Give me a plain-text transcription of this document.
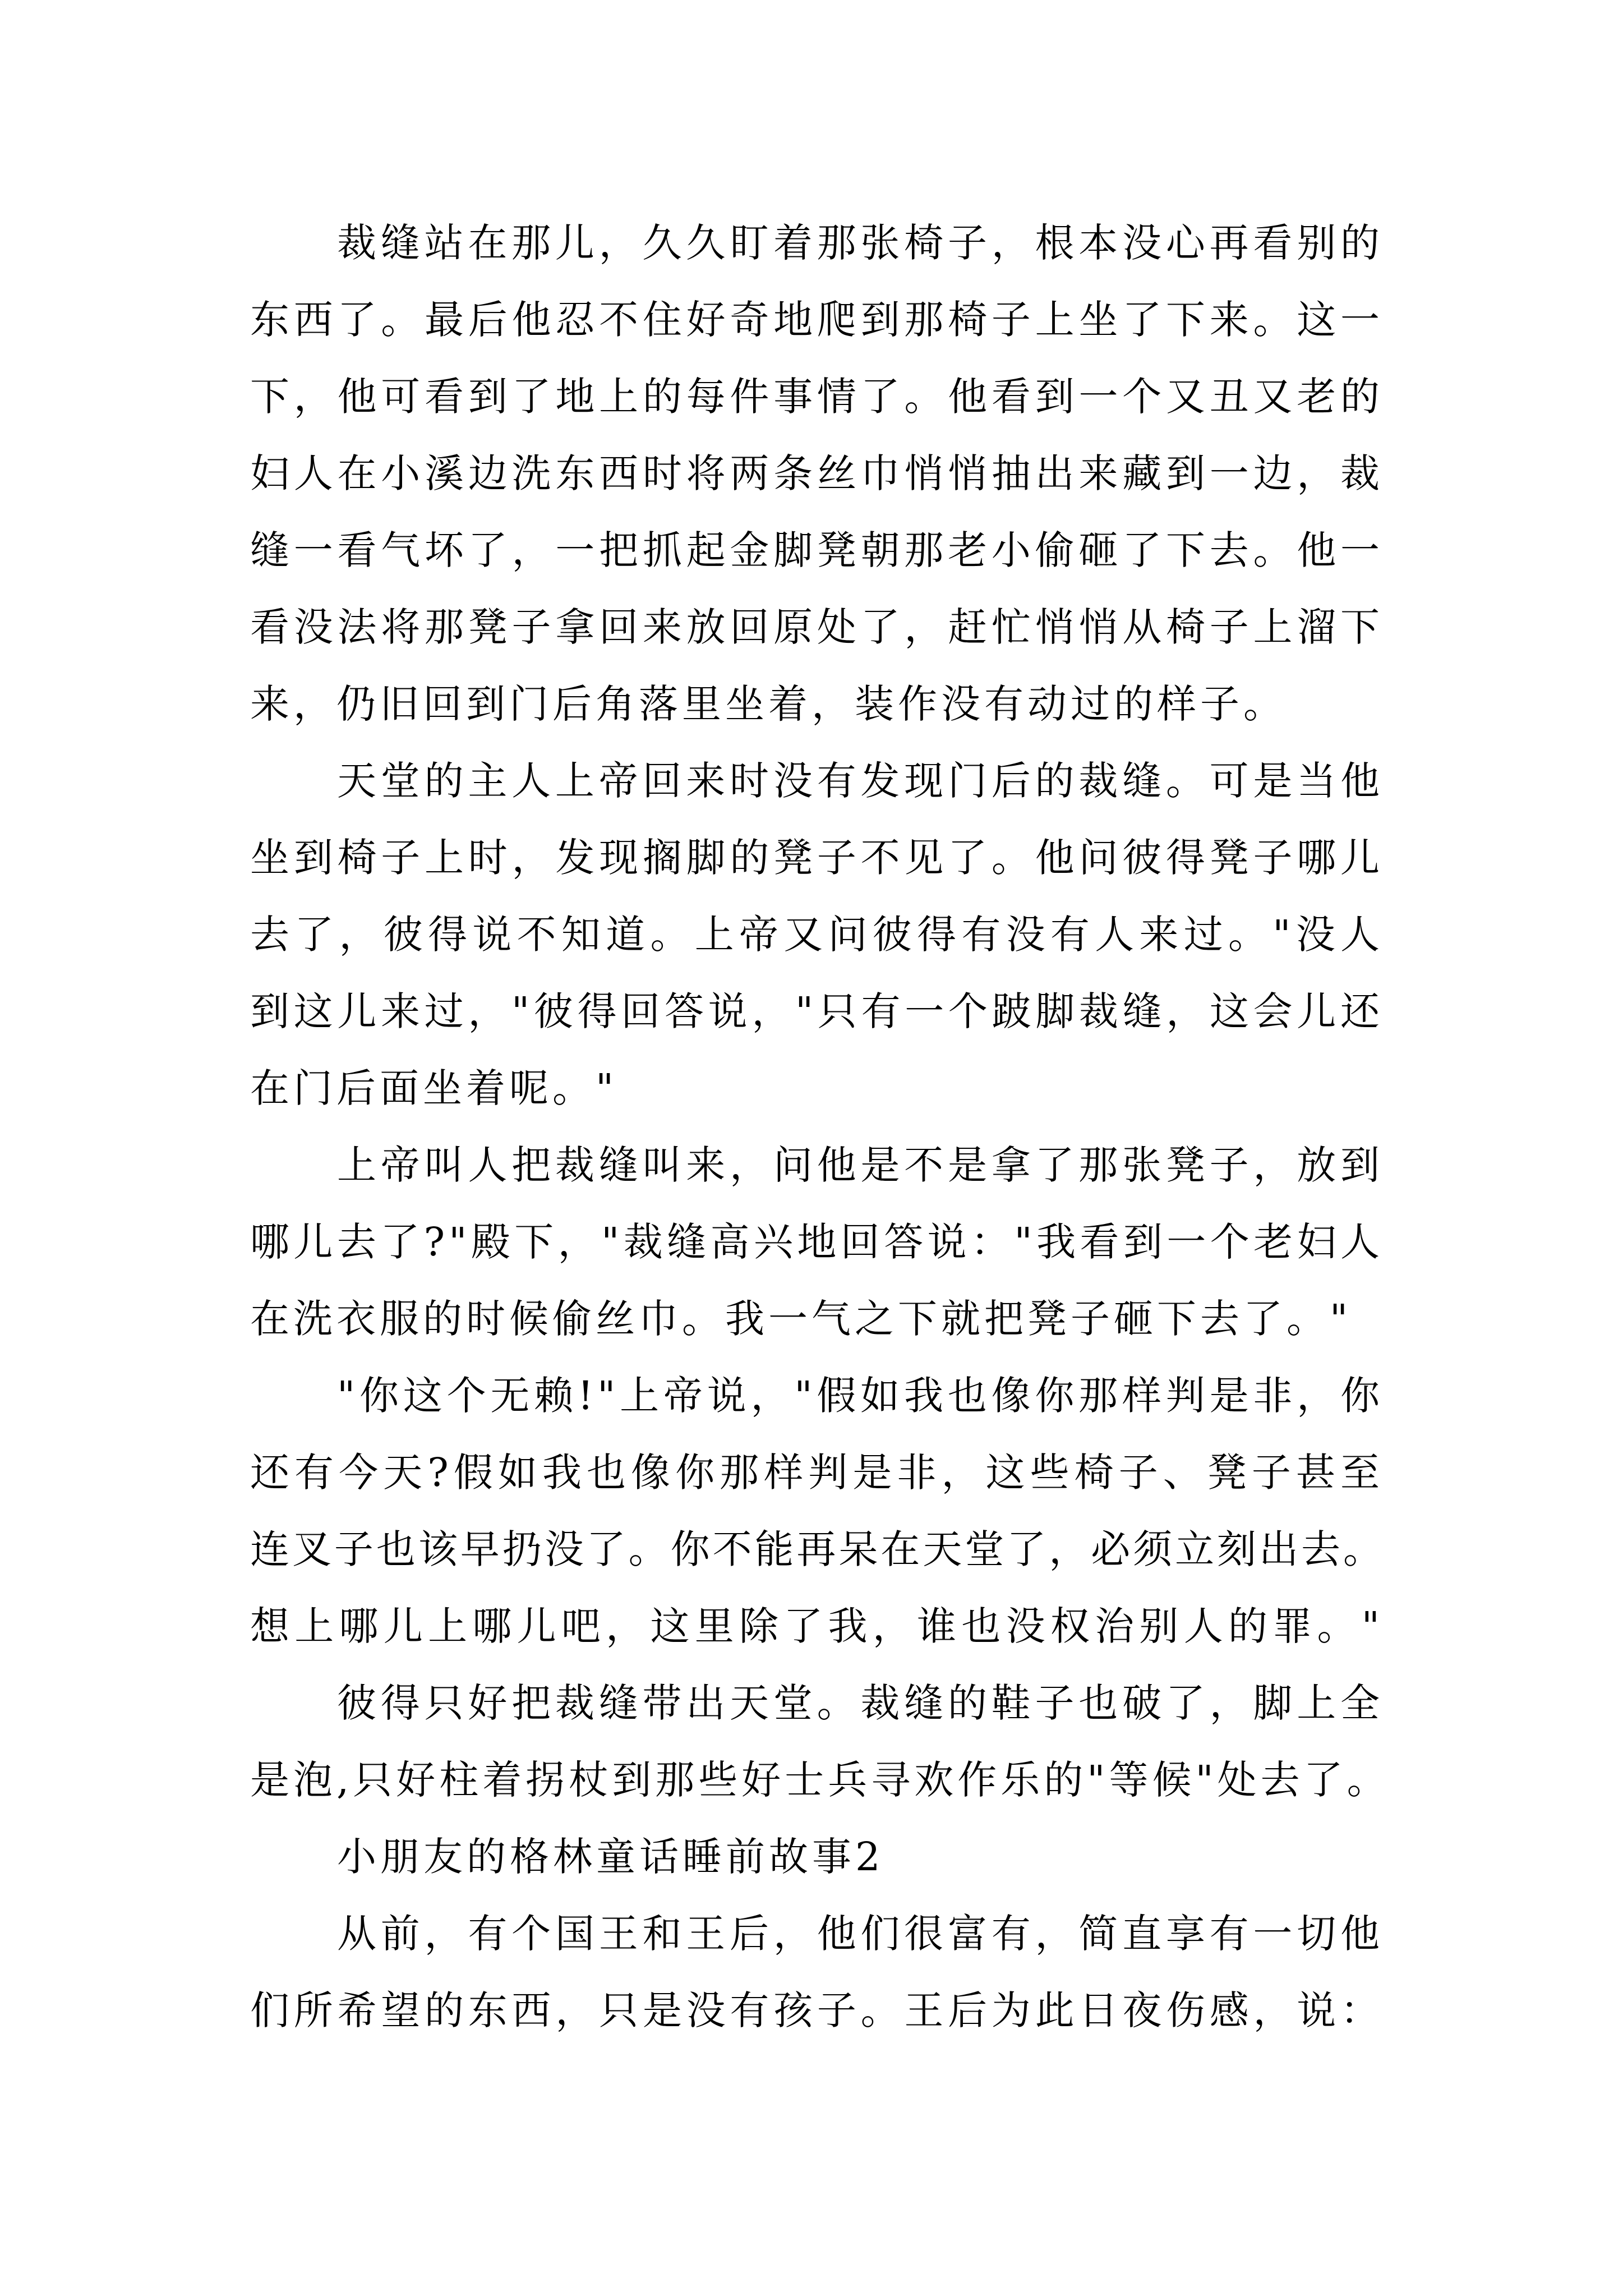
裁缝站在那儿，久久盯着那张椅子，根本没心再看别的
东西了。最后他忍不住好奇地爬到那椅子上坐了下来。这一
下，他可看到了地上的每件事情了。他看到一个又丑又老的
妇人在小溪边洗东西时将两条丝巾悄悄抽出来藏到一边，裁
缝一看气坏了，一把抓起金脚凳朝那老小偷砸了下去。他一
看没法将那凳子拿回来放回原处了，赶忙悄悄从椅子上溜下
来，仍旧回到门后角落里坐着，装作没有动过的样子。
天堂的主人上帝回来时没有发现门后的裁缝。可是当他
坐到椅子上时，发现搁脚的凳子不见了。他问彼得凳子哪儿
去了，彼得说不知道。上帝又问彼得有没有人来过。"没人
到这儿来过，"彼得回答说，"只有一个跛脚裁缝，这会儿还
在门后面坐着呢。"
上帝叫人把裁缝叫来，问他是不是拿了那张凳子，放到
哪儿去了?"殿下，"裁缝高兴地回答说："我看到一个老妇人
在洗衣服的时候偷丝巾。我一气之下就把凳子砸下去了。"
"你这个无赖!"上帝说，"假如我也像你那样判是非，你
还有今天?假如我也像你那样判是非，这些椅子、凳子甚至
连叉子也该早扔没了。你不能再呆在天堂了，必须立刻出去。
想上哪儿上哪儿吧，这里除了我，谁也没权治别人的罪。"
彼得只好把裁缝带出天堂。裁缝的鞋子也破了，脚上全
是泡,只好柱着拐杖到那些好士兵寻欢作乐的"等候"处去了。
小朋友的格林童话睡前故事2
从前，有个国王和王后，他们很富有，简直享有一切他
们所希望的东西，只是没有孩子。王后为此日夜伤感，说：
